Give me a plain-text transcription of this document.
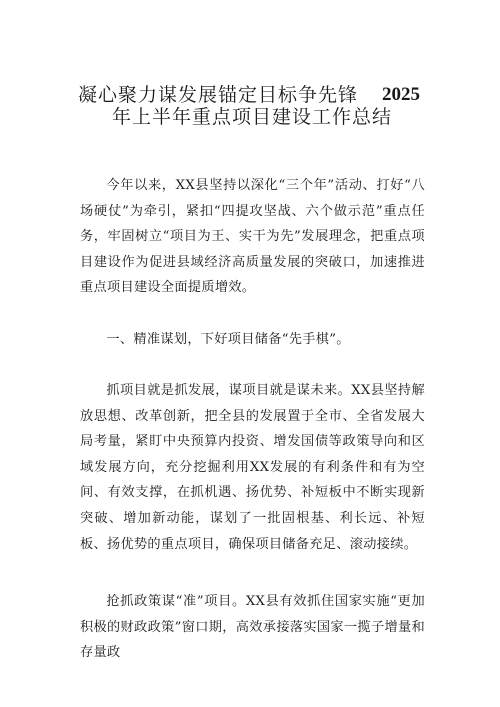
凝心聚力谋发展锚定目标争先锋	2025
年上半年重点项目建设工作总结
今年以来，XX县坚持以深化“三个年”活动、打好“八场硬仗”为牵引，紧扣“四提攻坚战、六个做示范”重点任务，牢固树立“项目为王、实干为先”发展理念，把重点项目建设作为促进县域经济高质量发展的突破口，加速推进重点项目建设全面提质增效。
一、精准谋划，下好项目储备“先手棋”。
抓项目就是抓发展，谋项目就是谋未来。XX县坚持解放思想、改革创新，把全县的发展置于全市、全省发展大局考量，紧盯中央预算内投资、增发国债等政策导向和区域发展方向，充分挖掘利用XX发展的有利条件和有为空间、有效支撑，在抓机遇、扬优势、补短板中不断实现新突破、增加新动能，谋划了一批固根基、利长远、补短板、扬优势的重点项目，确保项目储备充足、滚动接续。
抢抓政策谋“准”项目。XX县有效抓住国家实施“更加积极的财政政策”窗口期，高效承接落实国家一揽子增量和存量政
